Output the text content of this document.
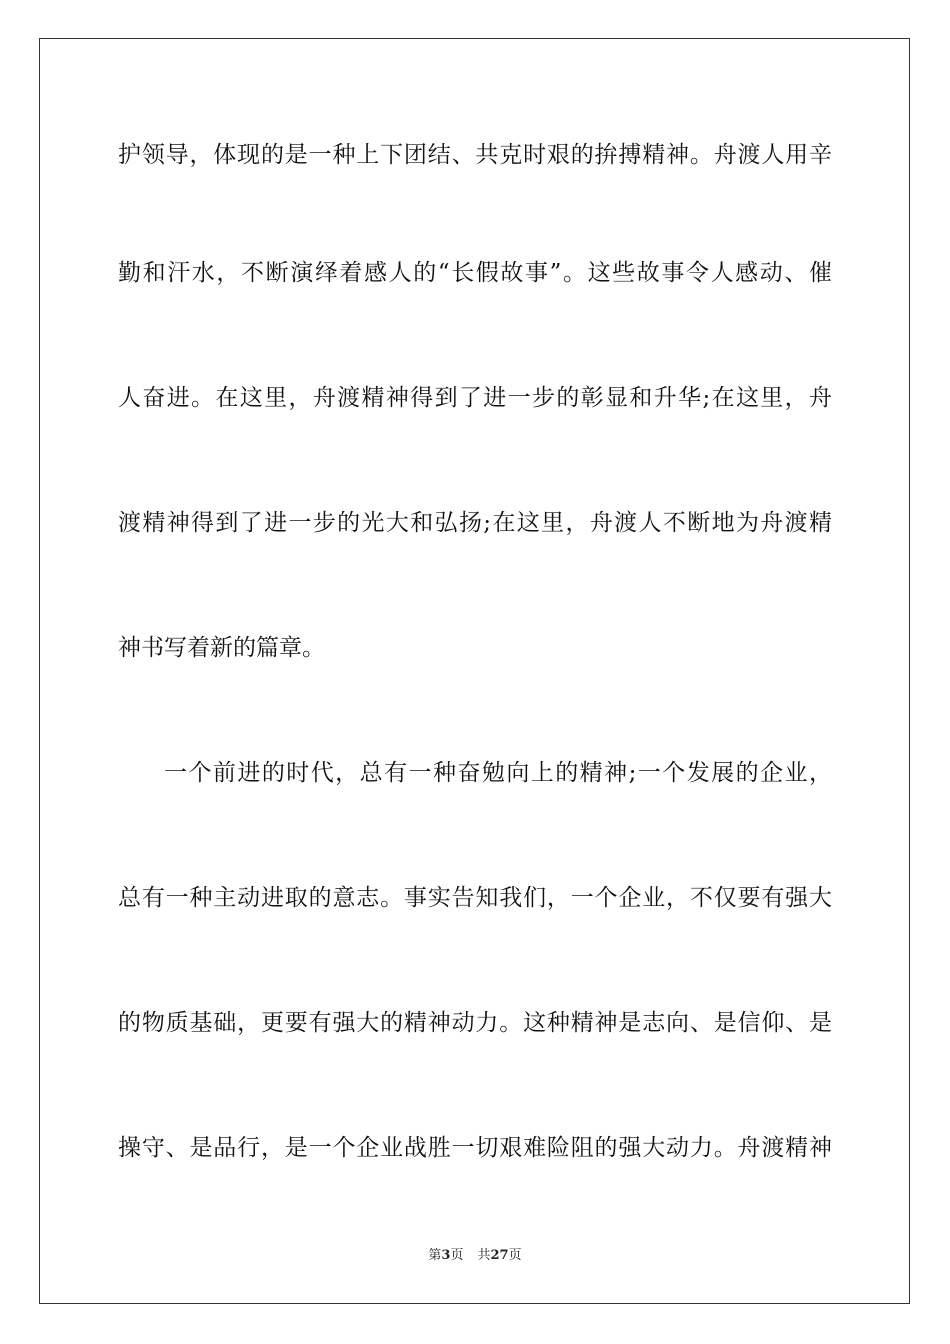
护领导，体现的是一种上下团结、共克时艰的拚搏精神。舟渡人用辛
勤和汗水，不断演绎着感人的“长假故事”。这些故事令人感动、催
人奋进。在这里，舟渡精神得到了进一步的彰显和升华;在这里，舟
渡精神得到了进一步的光大和弘扬;在这里，舟渡人不断地为舟渡精
神书写着新的篇章。
一个前进的时代，总有一种奋勉向上的精神;一个发展的企业，
总有一种主动进取的意志。事实告知我们，一个企业，不仅要有强大
的物质基础，更要有强大的精神动力。这种精神是志向、是信仰、是
操守、是品行，是一个企业战胜一切艰难险阻的强大动力。舟渡精神
第3页 共27页
